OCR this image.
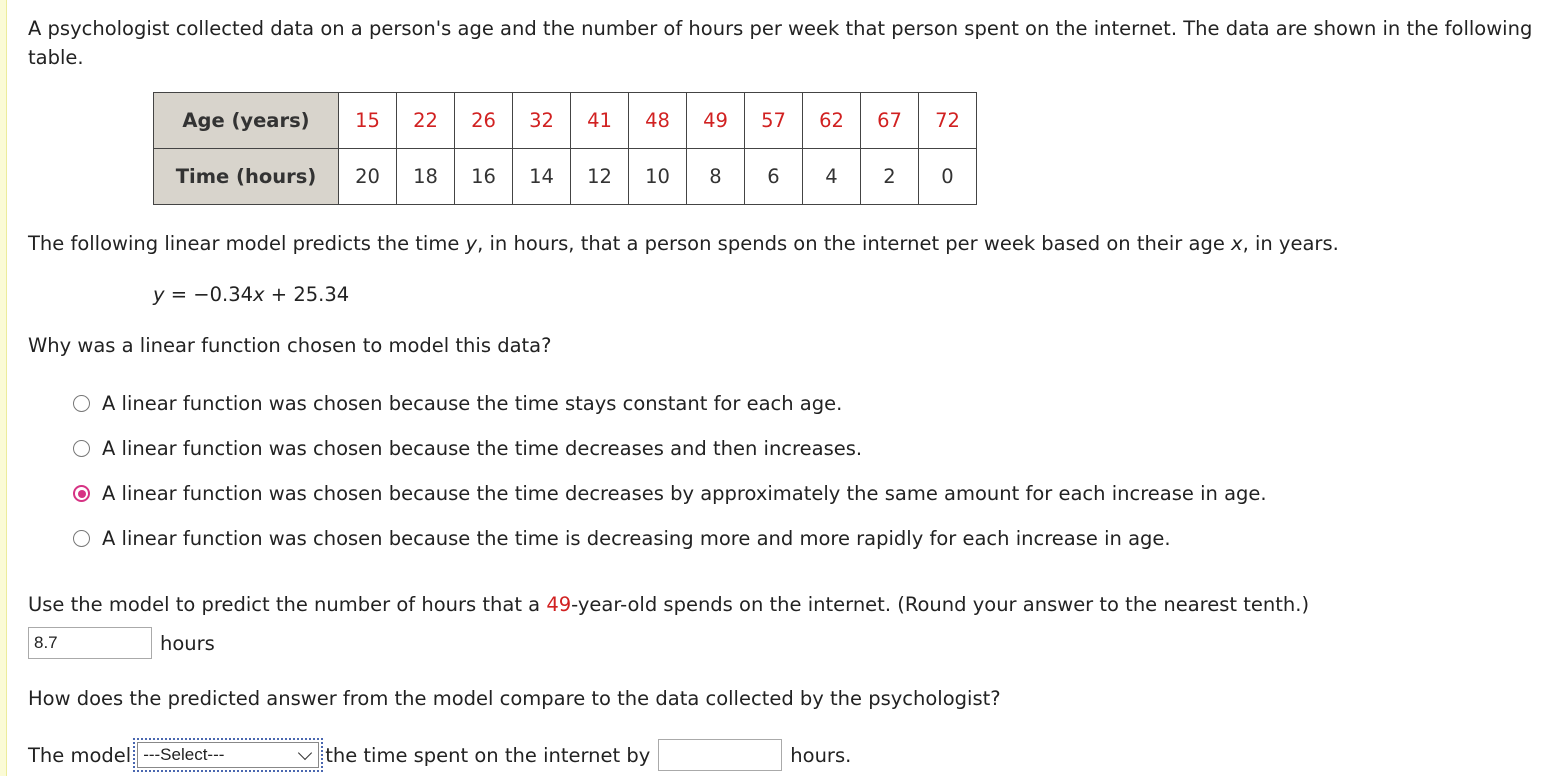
A psychologist collected data on a person's age and the number of hours per week that person spent on the internet. The data are shown in the following table.

Age (years)	15	22	26	32	41	48	49	57	62	67	72
Time (hours)	20	18	16	14	12	10	8	6	4	2	0
The following linear model predicts the time y, in hours, that a person spends on the internet per week based on their age x, in years.
y = −0.34x + 25.34
Why was a linear function chosen to model this data?
A linear function was chosen because the time stays constant for each age.
A linear function was chosen because the time decreases and then increases.
A linear function was chosen because the time decreases by approximately the same amount for each increase in age.
A linear function was chosen because the time is decreasing more and more rapidly for each increase in age.
Use the model to predict the number of hours that a 49-year-old spends on the internet. (Round your answer to the nearest tenth.)
8.7
hours
How does the predicted answer from the model compare to the data collected by the psychologist?
The model ---Select---	the time spent on the internet by	hours.
